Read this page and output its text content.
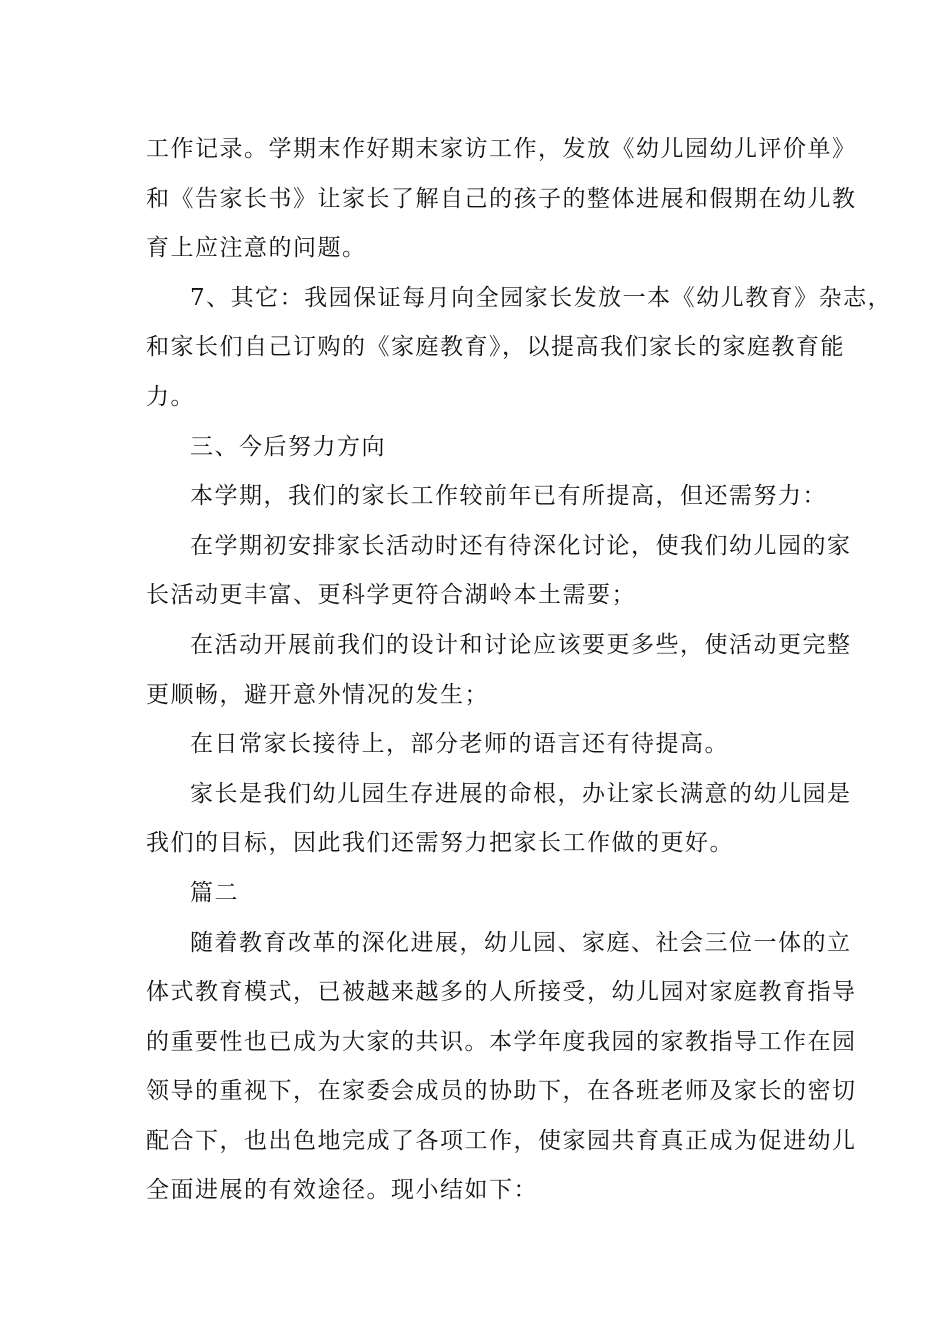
工作记录。学期末作好期末家访工作，发放《幼儿园幼儿评价单》
和《告家长书》让家长了解自己的孩子的整体进展和假期在幼儿教
育上应注意的问题。
7、其它：我园保证每月向全园家长发放一本《幼儿教育》杂志，
和家长们自己订购的《家庭教育》，以提高我们家长的家庭教育能
力。
三、今后努力方向
本学期，我们的家长工作较前年已有所提高，但还需努力：
在学期初安排家长活动时还有待深化讨论，使我们幼儿园的家
长活动更丰富、更科学更符合湖岭本土需要；
在活动开展前我们的设计和讨论应该要更多些，使活动更完整
更顺畅，避开意外情况的发生；
在日常家长接待上，部分老师的语言还有待提高。
家长是我们幼儿园生存进展的命根，办让家长满意的幼儿园是
我们的目标，因此我们还需努力把家长工作做的更好。
篇二
随着教育改革的深化进展，幼儿园、家庭、社会三位一体的立
体式教育模式，已被越来越多的人所接受，幼儿园对家庭教育指导
的重要性也已成为大家的共识。本学年度我园的家教指导工作在园
领导的重视下，在家委会成员的协助下，在各班老师及家长的密切
配合下，也出色地完成了各项工作，使家园共育真正成为促进幼儿
全面进展的有效途径。现小结如下：
